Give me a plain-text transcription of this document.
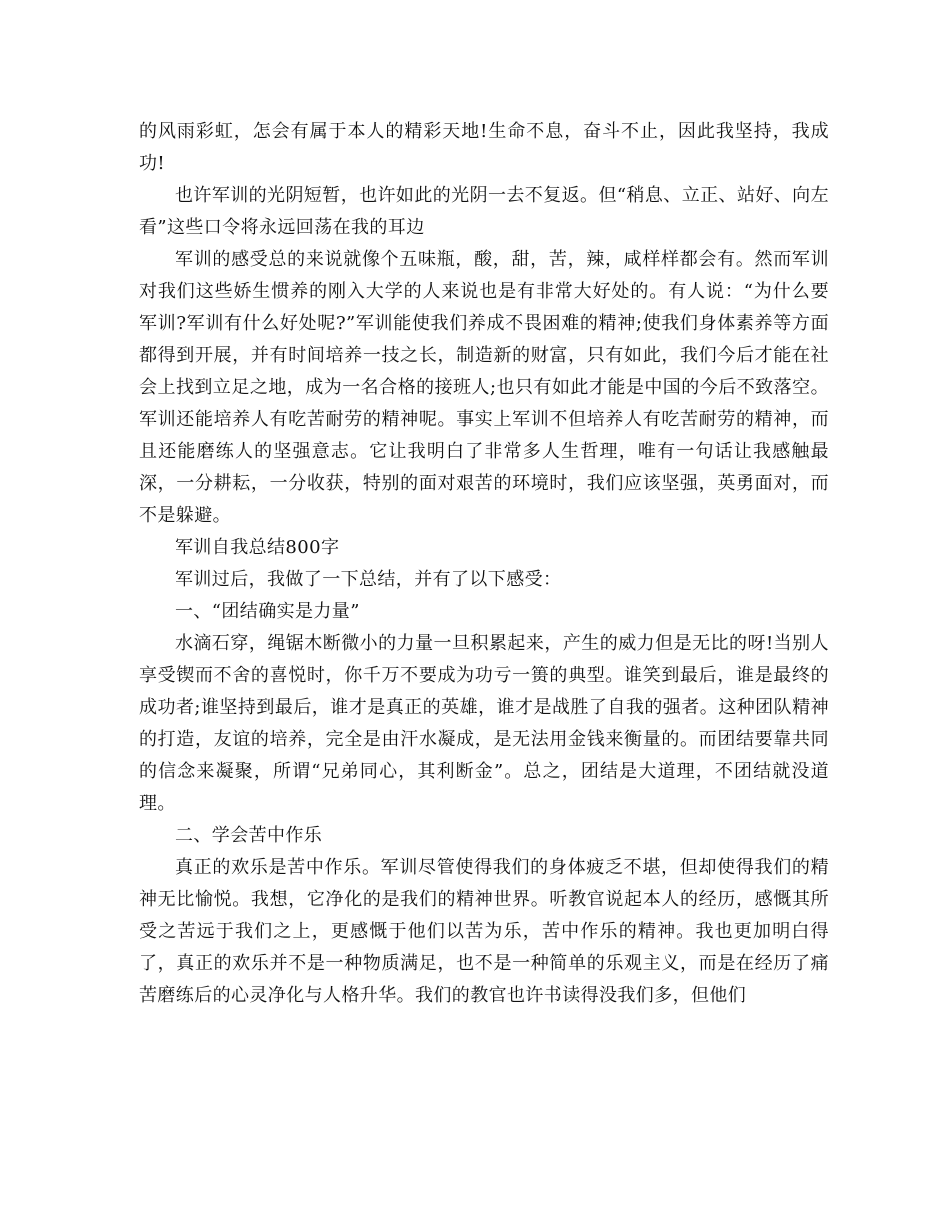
的风雨彩虹，怎会有属于本人的精彩天地!生命不息，奋斗不止，因此我坚持，我成功!

也许军训的光阴短暂，也许如此的光阴一去不复返。但“稍息、立正、站好、向左看”这些口令将永远回荡在我的耳边

军训的感受总的来说就像个五味瓶，酸，甜，苦，辣，咸样样都会有。然而军训对我们这些娇生惯养的刚入大学的人来说也是有非常大好处的。有人说：“为什么要军训?军训有什么好处呢?”军训能使我们养成不畏困难的精神;使我们身体素养等方面都得到开展，并有时间培养一技之长，制造新的财富，只有如此，我们今后才能在社会上找到立足之地，成为一名合格的接班人;也只有如此才能是中国的今后不致落空。军训还能培养人有吃苦耐劳的精神呢。事实上军训不但培养人有吃苦耐劳的精神，而且还能磨练人的坚强意志。它让我明白了非常多人生哲理，唯有一句话让我感触最深，一分耕耘，一分收获，特别的面对艰苦的环境时，我们应该坚强，英勇面对，而不是躲避。

军训自我总结800字

军训过后，我做了一下总结，并有了以下感受：

一、“团结确实是力量”

水滴石穿，绳锯木断微小的力量一旦积累起来，产生的威力但是无比的呀!当别人享受锲而不舍的喜悦时，你千万不要成为功亏一篑的典型。谁笑到最后，谁是最终的成功者;谁坚持到最后，谁才是真正的英雄，谁才是战胜了自我的强者。这种团队精神的打造，友谊的培养，完全是由汗水凝成，是无法用金钱来衡量的。而团结要靠共同的信念来凝聚，所谓“兄弟同心，其利断金”。总之，团结是大道理，不团结就没道理。

二、学会苦中作乐

真正的欢乐是苦中作乐。军训尽管使得我们的身体疲乏不堪，但却使得我们的精神无比愉悦。我想，它净化的是我们的精神世界。听教官说起本人的经历，感慨其所受之苦远于我们之上，更感慨于他们以苦为乐，苦中作乐的精神。我也更加明白得了，真正的欢乐并不是一种物质满足，也不是一种简单的乐观主义，而是在经历了痛苦磨练后的心灵净化与人格升华。我们的教官也许书读得没我们多，但他们
